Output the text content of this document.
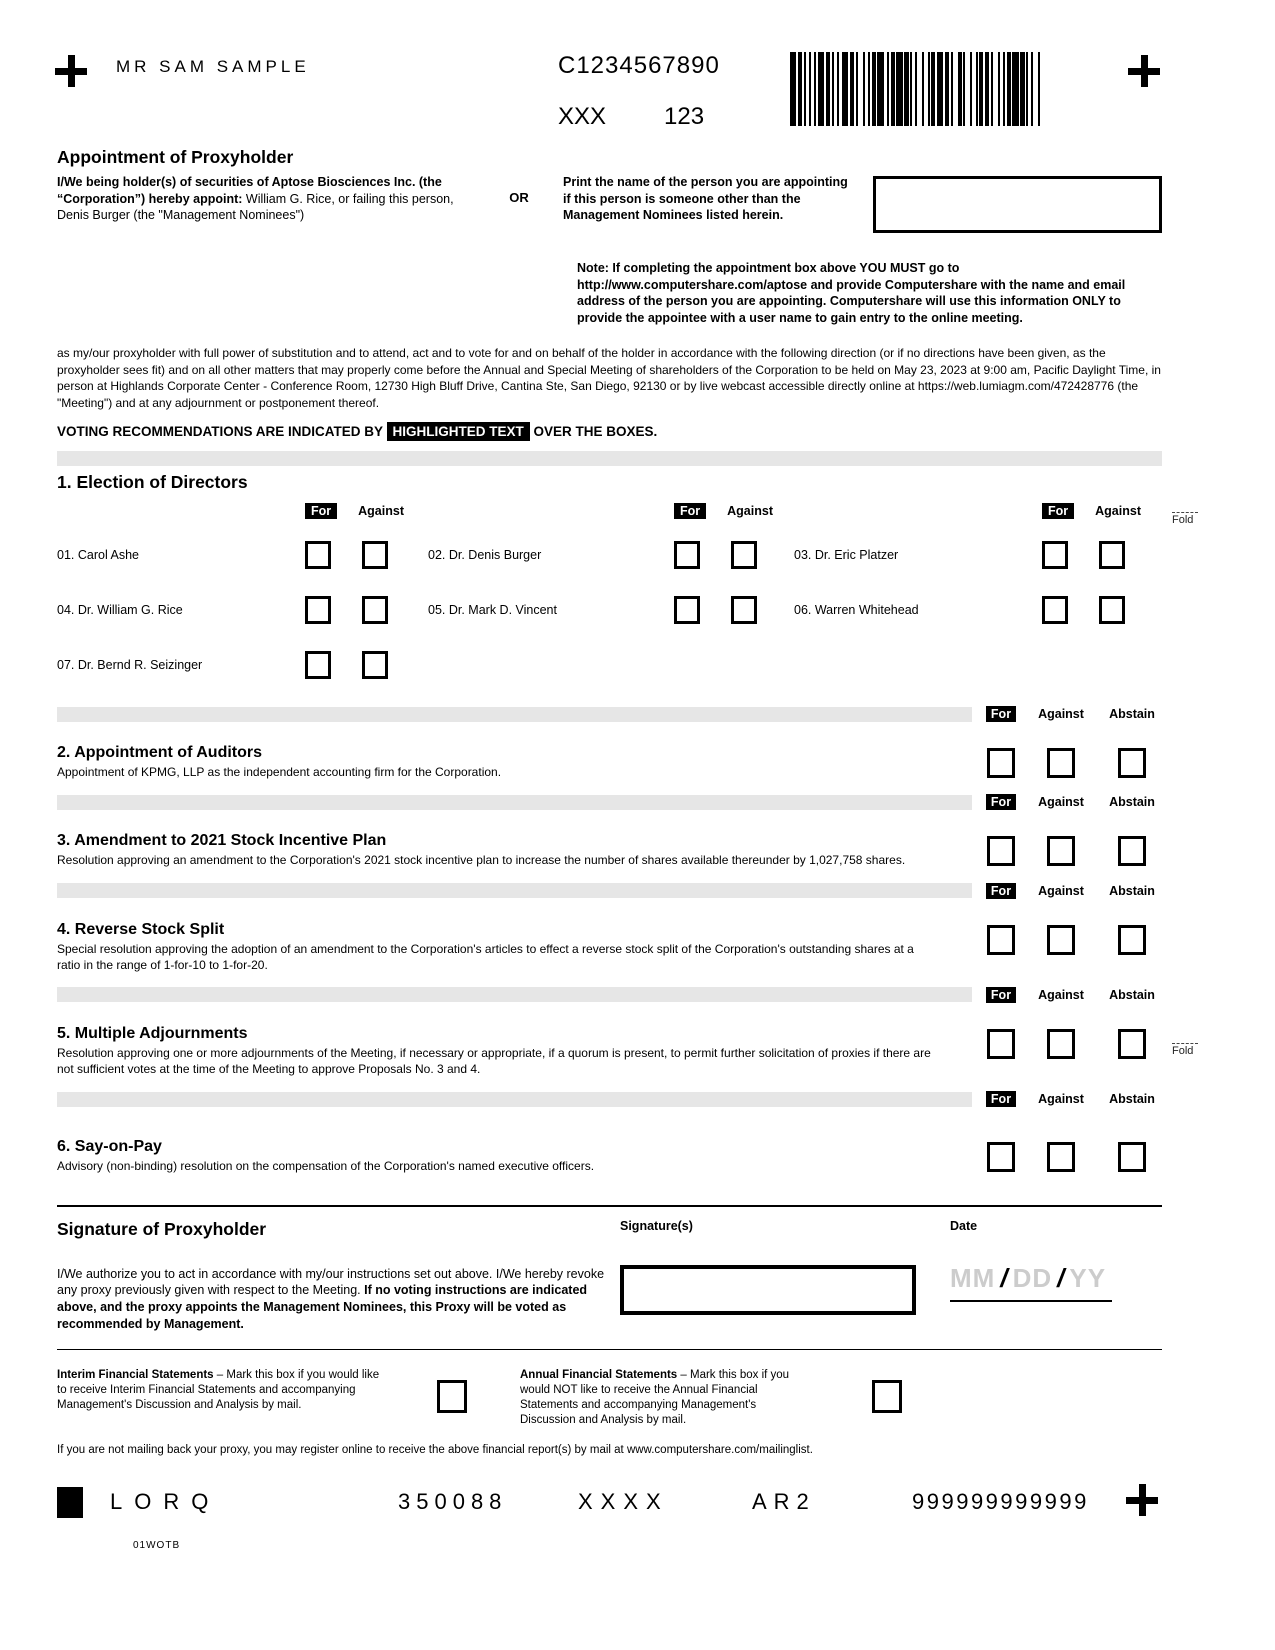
MR SAM SAMPLE	C1234567890
XXX 123
Fold
Fold
Appointment of Proxyholder
I/We being holder(s) of securities of Aptose Biosciences Inc. (the “Corporation”) hereby appoint: William G. Rice, or failing this person, Denis Burger (the "Management Nominees")
OR
Print the name of the person you are appointing if this person is someone other than the Management Nominees listed herein.
Note: If completing the appointment box above YOU MUST go to http://www.computershare.com/aptose and provide Computershare with the name and email address of the person you are appointing. Computershare will use this information ONLY to provide the appointee with a user name to gain entry to the online meeting.
as my/our proxyholder with full power of substitution and to attend, act and to vote for and on behalf of the holder in accordance with the following direction (or if no directions have been given, as the proxyholder sees fit) and on all other matters that may properly come before the Annual and Special Meeting of shareholders of the Corporation to be held on May 23, 2023 at 9:00 am, Pacific Daylight Time, in person at Highlands Corporate Center - Conference Room, 12730 High Bluff Drive, Cantina Ste, San Diego, 92130 or by live webcast accessible directly online at https://web.lumiagm.com/472428776 (the "Meeting") and at any adjournment or postponement thereof.
VOTING RECOMMENDATIONS ARE INDICATED BY HIGHLIGHTED TEXT OVER THE BOXES.
1. Election of Directors
For	Against	For	Against	For	Against
01. Carol Ashe	02. Dr. Denis Burger	03. Dr. Eric Platzer
04. Dr. William G. Rice	05. Dr. Mark D. Vincent	06. Warren Whitehead
07. Dr. Bernd R. Seizinger
For	Against	Abstain
2. Appointment of Auditors
Appointment of KPMG, LLP as the independent accounting firm for the Corporation.
For	Against	Abstain
3. Amendment to 2021 Stock Incentive Plan
Resolution approving an amendment to the Corporation's 2021 stock incentive plan to increase the number of shares available thereunder by 1,027,758 shares.
For	Against	Abstain
4. Reverse Stock Split
Special resolution approving the adoption of an amendment to the Corporation's articles to effect a reverse stock split of the Corporation's outstanding shares at a ratio in the range of 1-for-10 to 1-for-20.
For	Against	Abstain
5. Multiple Adjournments
Resolution approving one or more adjournments of the Meeting, if necessary or appropriate, if a quorum is present, to permit further solicitation of proxies if there are not sufficient votes at the time of the Meeting to approve Proposals No. 3 and 4.
For	Against	Abstain
6. Say-on-Pay
Advisory (non-binding) resolution on the compensation of the Corporation's named executive officers.
Signature of Proxyholder
I/We authorize you to act in accordance with my/our instructions set out above. I/We hereby revoke any proxy previously given with respect to the Meeting. If no voting instructions are indicated above, and the proxy appoints the Management Nominees, this Proxy will be voted as recommended by Management.
Signature(s)	Date
MM / DD / YY
Interim Financial Statements – Mark this box if you would like to receive Interim Financial Statements and accompanying Management's Discussion and Analysis by mail.
Annual Financial Statements – Mark this box if you would NOT like to receive the Annual Financial Statements and accompanying Management's Discussion and Analysis by mail.
If you are not mailing back your proxy, you may register online to receive the above financial report(s) by mail at www.computershare.com/mailinglist.
LORQ	350088	XXXX	AR2	999999999999
01WOTB
